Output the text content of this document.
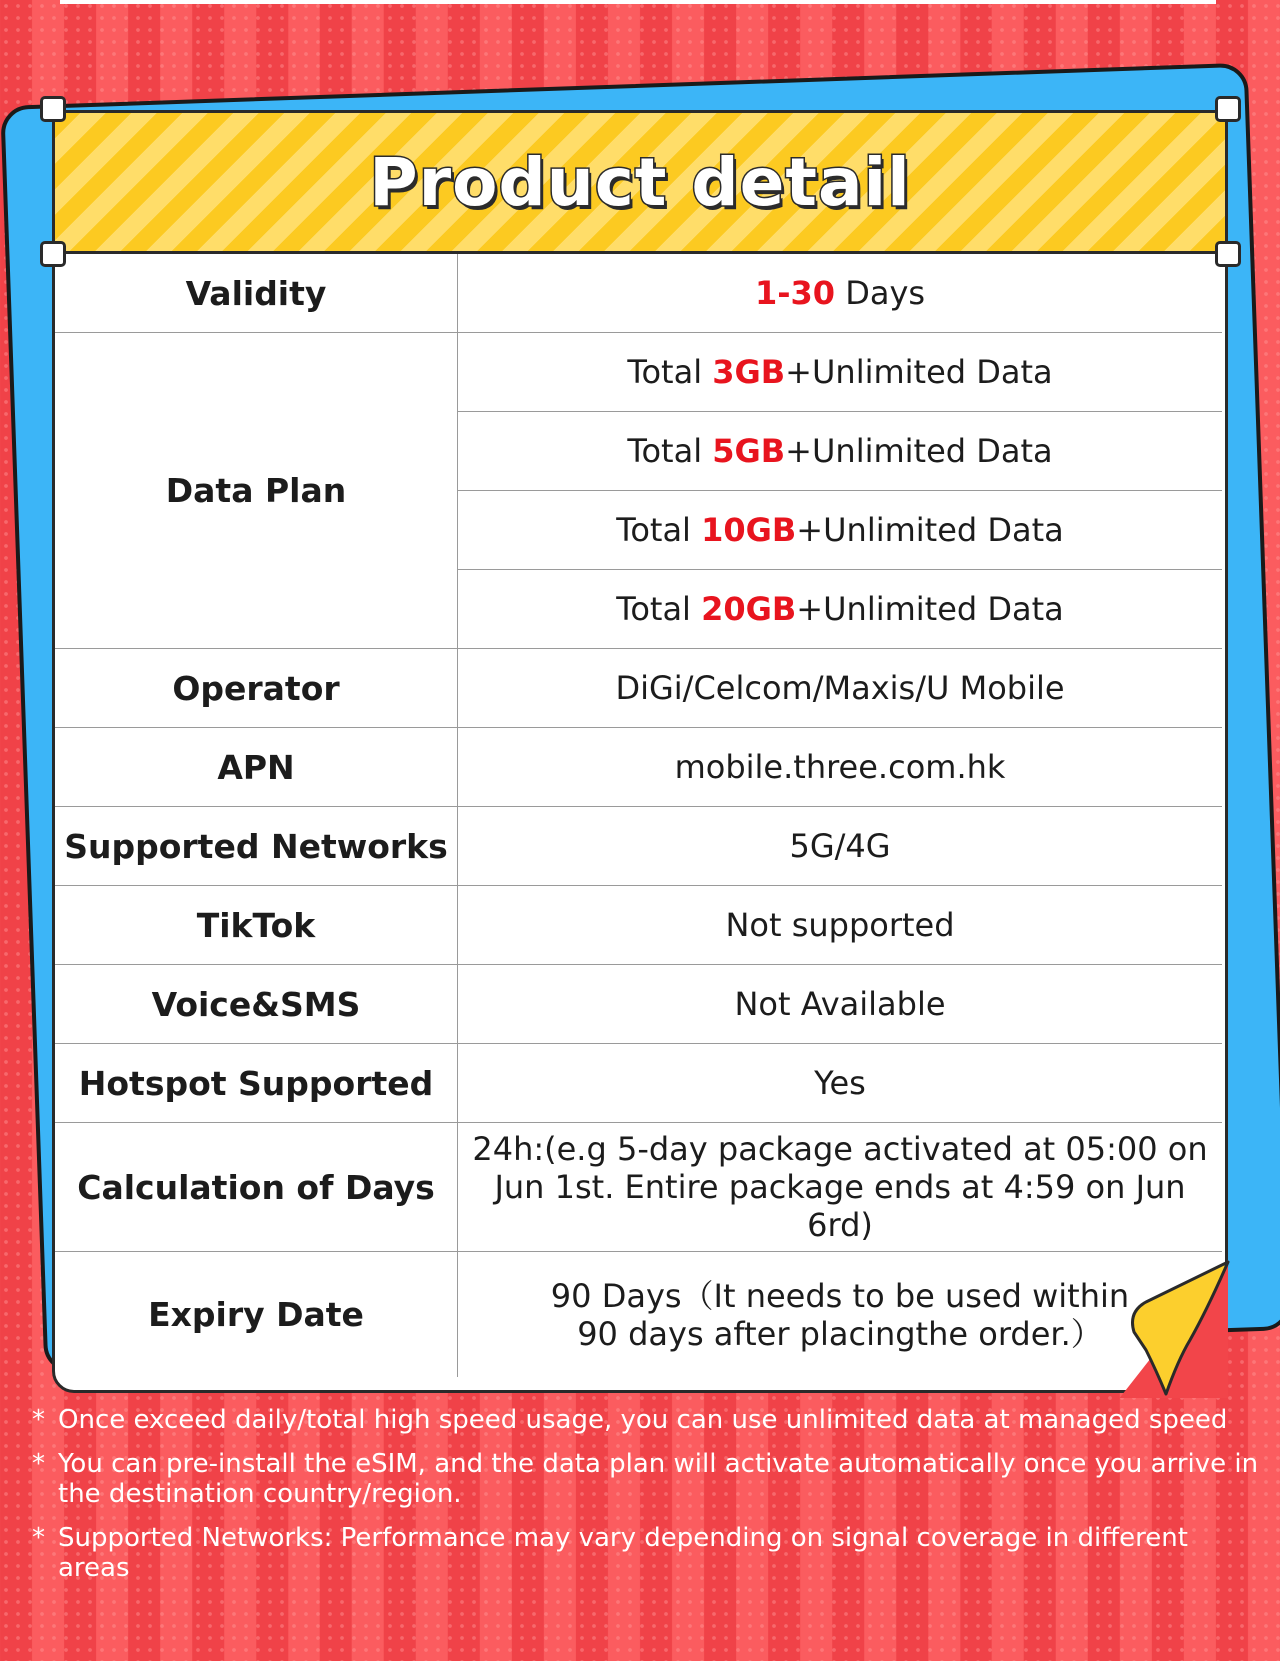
Product detail
Validity	1-30 Days
Data Plan	Total 3GB+Unlimited Data
	Total 5GB+Unlimited Data
	Total 10GB+Unlimited Data
	Total 20GB+Unlimited Data
Operator	DiGi/Celcom/Maxis/U Mobile
APN	mobile.three.com.hk
Supported Networks	5G/4G
TikTok	Not supported
Voice&SMS	Not Available
Hotspot Supported	Yes
Calculation of Days	24h:(e.g 5-day package activated at 05:00 on
Jun 1st. Entire package ends at 4:59 on Jun 6rd)

Expiry Date	90 Days（It needs to be used within
90 days after placingthe order.）
* Once exceed daily/total high speed usage, you can use unlimited data at managed speed
* You can pre-install the eSIM, and the data plan will activate automatically once you arrive in the destination country/region.
* Supported Networks: Performance may vary depending on signal coverage in different areas
